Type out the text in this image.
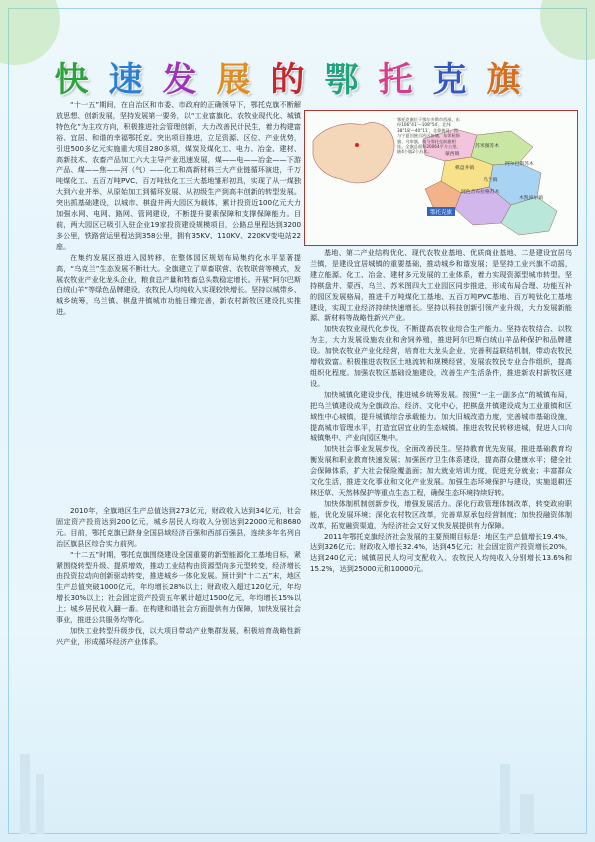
快速发展的鄂托克旗

“十一五”期间，在自治区和市委、市政府的正确领导下，鄂托克旗不断解放思想、创新发展，坚持发展第一要务，以“工业富旗化、农牧业现代化、城镇特色化”为主攻方向，积极推进社会管理创新，大力改善民计民生，着力构建富裕、宜居、和谐的幸福鄂托克。突出项目推进，立足资源、区位、产业优势，引进500多亿元实施重大项目280多项，煤炭及煤化工、电力、冶金、建材、高新技术、农畜产品加工六大主导产业迅速发展，煤——电——冶金——下游产品、煤——焦——河（气）——化工和高新材料三大产业链循环演进，千万吨煤化工、五百万吨PVC、百万吨钛化工三大基地雏形初具，实现了从一煤独大到六业并举、从原始加工到循环发展、从初级生产到高丰创新的转型发展。突出抓基础建设，以城市、棋盘井两大园区为载体，累计投资近100亿元大力加强水网、电网、路网、管网建设，不断提升要素保障和支撑保障能力。目前，两大园区已吸引入驻企业19家投资建设规模项目，公路总里程达到3200多公里，铁路营运里程达到358公里，拥有35KV、110KV、220KV变电站22座。

在集约发展区推进入园转移，在整体园区规划布局集约化水平显著提高，“乌克兰”生态发展不断壮大。全旗建立了草畜联营、农牧联营等模式，发展农牧业产业化龙头企业，粮食总产量和牲畜总头数稳定增长。开展“阿尔巴斯白绒山羊”等绿色品牌建设，农牧民人均纯收入实现较快增长。坚持以城带乡、城乡统筹，乌兰镇、棋盘井镇城市功能日臻完善，新农村新牧区建设扎实推进。

2010年，全旗地区生产总值达到273亿元，财政收入达到34亿元，社会固定资产投资达到200亿元，城乡居民人均收入分别达到22000元和8680元。目前，鄂托克旗已跻身全国县域经济百强和西部百强县，连续多年名列自治区旗县区综合实力前列。

“十二五”时期，鄂托克旗围绕建设全国重要的新型能源化工基地目标，紧紧围绕转型升级、提质增效，推动工业结构由资源型向多元型转变，经济增长由投资拉动向创新驱动转变，推进城乡一体化发展。预计到“十二五”末，地区生产总值突破1000亿元，年均增长28%以上；财政收入超过120亿元，年均增长30%以上；社会固定资产投资五年累计超过1500亿元，年均增长15%以上；城乡居民收入翻一番。在构建和谐社会方面提供有力保障，加快发展社会事业，推进公共服务均等化。

加快工业转型升级步伐，以大项目带动产业集群发展，积极培育战略性新兴产业，形成循环经济产业体系。

鄂托克旗
鄂托克旗位于鄂尔多斯市西部，东经106°41′—108°54′，北纬38°18′—40°11′，北靠黄河，西与宁夏回族自治区接壤，东邻杭锦旗、乌审旗，南与鄂托克前旗相连。全旗总面积20064平方公里，辖4个镇2个苏木。
苏米图苏木
阿尔巴斯苏木
乌兰镇
棋盘井镇
蒙西镇
木凯淖尔镇
阿色音布拉格苏木

基地、第二产业结构优化、现代农牧业基地、优质商业基地、二是建设宜居乌兰镇，是建设宜居城镇的重要基础，推动城乡和谐发展；是坚持工业兴旗不动摇，建立能源、化工、冶金、建材多元发展的工业体系，着力实现资源型城市转型。坚持棋盘井、蒙西、乌兰、苏米图四大工业园区同步推进，形成布局合理、功能互补的园区发展格局，推进千万吨煤化工基地、五百万吨PVC基地、百万吨钛化工基地建设，实现工业经济持续快速增长。坚持以科技创新引领产业升级，大力发展新能源、新材料等战略性新兴产业。

加快农牧业现代化步伐，不断提高农牧业综合生产能力。坚持农牧结合、以牧为主，大力发展设施农业和舍饲养殖，推进阿尔巴斯白绒山羊品种保护和品牌建设。加快农牧业产业化经营，培育壮大龙头企业，完善利益联结机制，带动农牧民增收致富。积极推进农牧区土地流转和规模经营，发展农牧民专业合作组织，提高组织化程度。加强农牧区基础设施建设，改善生产生活条件，推进新农村新牧区建设。

加快城镇化建设步伐，推进城乡统筹发展。按照“一主一副多点”的城镇布局，把乌兰镇建设成为全旗政治、经济、文化中心，把棋盘井镇建设成为工业重镇和区域性中心城镇，提升城镇综合承载能力。加大旧城改造力度，完善城市基础设施，提高城市管理水平，打造宜居宜业的生态城镇。推进农牧民转移进城，促进人口向城镇集中、产业向园区集中。

加快社会事业发展步伐，全面改善民生。坚持教育优先发展，推进基础教育均衡发展和职业教育快速发展；加强医疗卫生体系建设，提高群众健康水平；健全社会保障体系，扩大社会保险覆盖面；加大就业培训力度，促进充分就业；丰富群众文化生活，推进文化事业和文化产业发展。加强生态环境保护与建设，实施退耕还林还草、天然林保护等重点生态工程，确保生态环境持续好转。

加快体制机制创新步伐，增强发展活力。深化行政管理体制改革，转变政府职能，优化发展环境；深化农村牧区改革，完善草原承包经营制度；加快投融资体制改革，拓宽融资渠道，为经济社会又好又快发展提供有力保障。

2011年鄂托克旗经济社会发展的主要预期目标是：地区生产总值增长19.4%，达到326亿元；财政收入增长32.4%，达到45亿元；社会固定资产投资增长20%，达到240亿元；城镇居民人均可支配收入、农牧民人均纯收入分别增长13.6%和15.2%，达到25000元和10000元。
